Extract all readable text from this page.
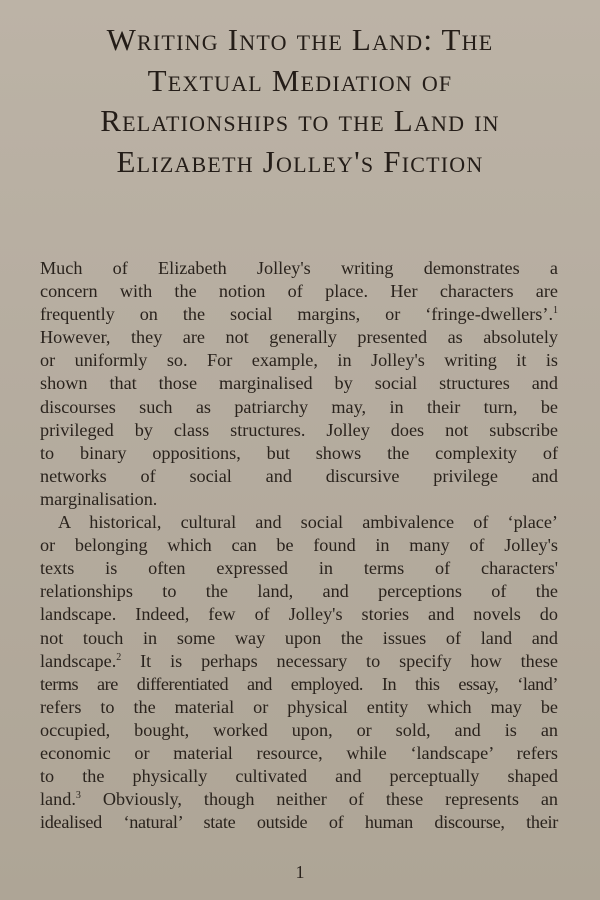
Writing Into the Land: The
Textual Mediation of
Relationships to the Land in
Elizabeth Jolley's Fiction
Much of Elizabeth Jolley's writing demonstrates a
concern with the notion of place. Her characters are
frequently on the social margins, or ‘fringe-dwellers’.$^1$
However, they are not generally presented as absolutely
or uniformly so. For example, in Jolley's writing it is
shown that those marginalised by social structures and
discourses such as patriarchy may, in their turn, be
privileged by class structures. Jolley does not subscribe
to binary oppositions, but shows the complexity of
networks of social and discursive privilege and
marginalisation.
A historical, cultural and social ambivalence of ‘place’
or belonging which can be found in many of Jolley's
texts is often expressed in terms of characters'
relationships to the land, and perceptions of the
landscape. Indeed, few of Jolley's stories and novels do
not touch in some way upon the issues of land and
landscape.$^2$ It is perhaps necessary to specify how these
terms are differentiated and employed. In this essay, ‘land’
refers to the material or physical entity which may be
occupied, bought, worked upon, or sold, and is an
economic or material resource, while ‘landscape’ refers
to the physically cultivated and perceptually shaped
land.$^3$ Obviously, though neither of these represents an
idealised ‘natural’ state outside of human discourse, their
1
